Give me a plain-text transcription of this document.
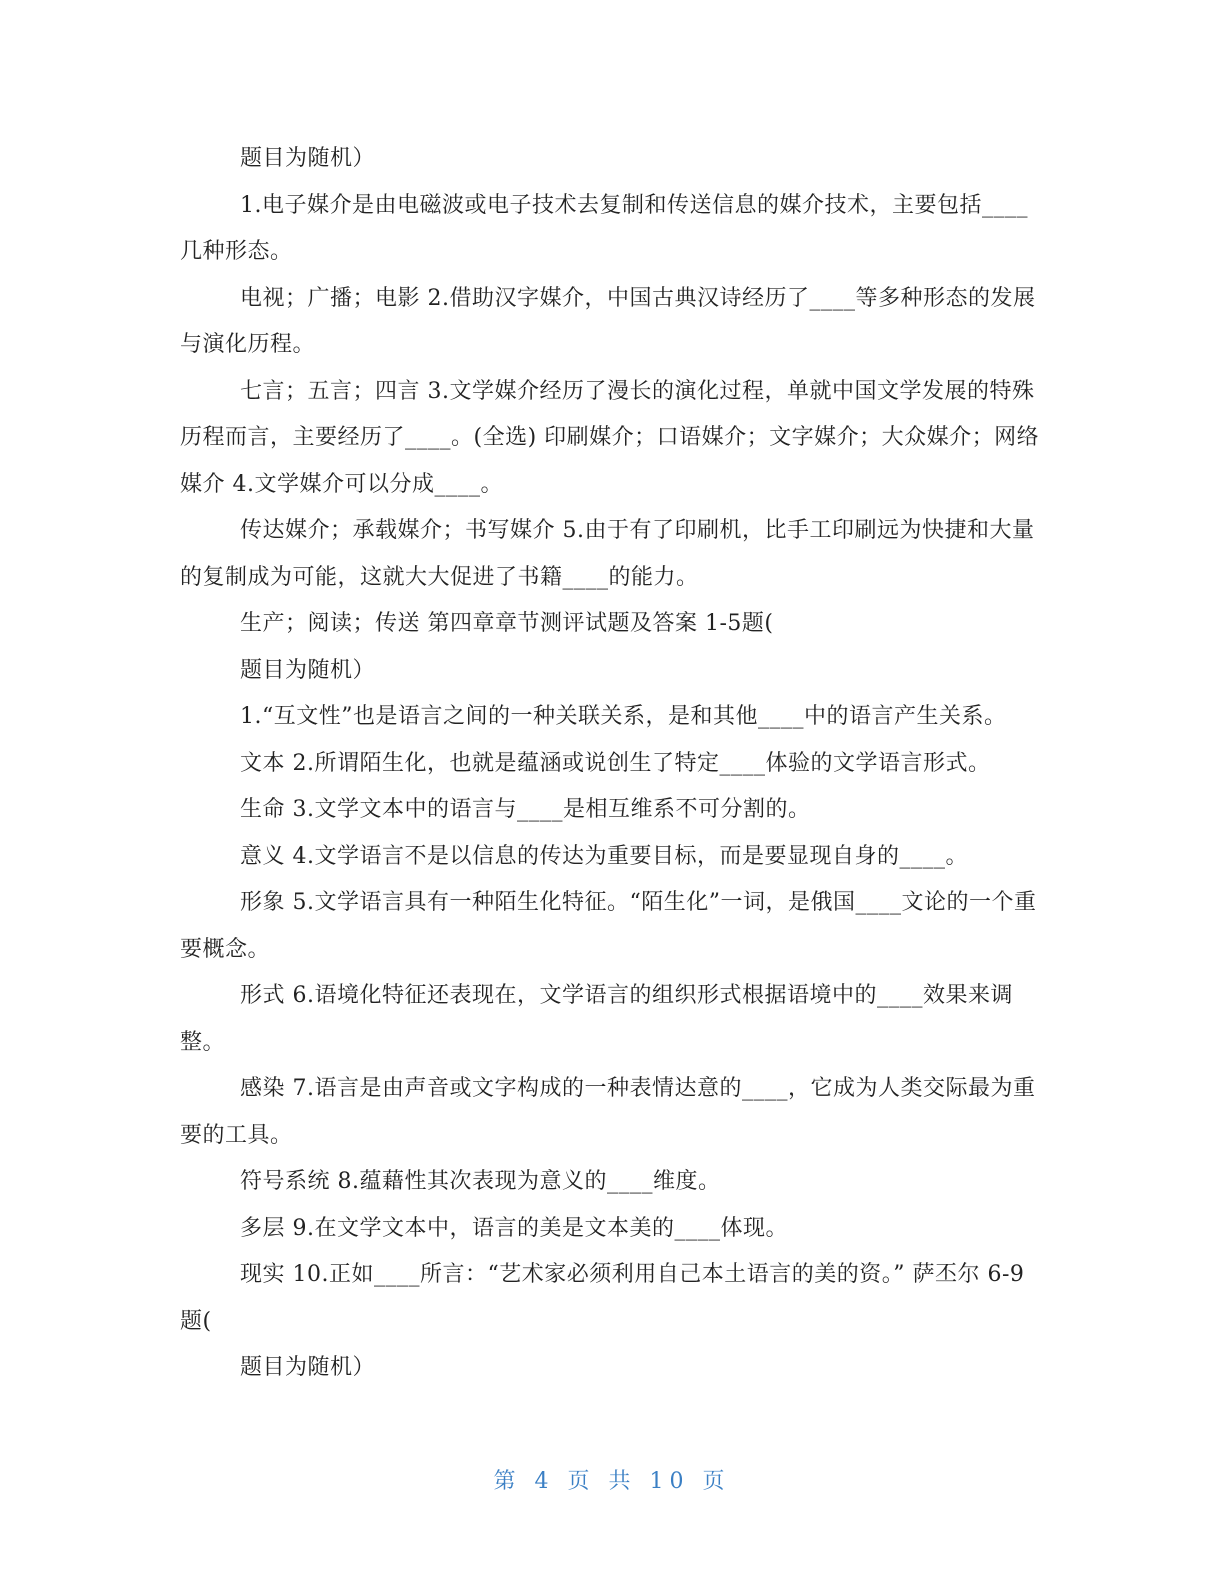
题目为随机）

1.电子媒介是由电磁波或电子技术去复制和传送信息的媒介技术，主要包括____几种形态。

电视；广播；电影 2.借助汉字媒介，中国古典汉诗经历了____等多种形态的发展与演化历程。

七言；五言；四言 3.文学媒介经历了漫长的演化过程，单就中国文学发展的特殊历程而言，主要经历了____。(全选) 印刷媒介；口语媒介；文字媒介；大众媒介；网络媒介 4.文学媒介可以分成____。

传达媒介；承载媒介；书写媒介 5.由于有了印刷机，比手工印刷远为快捷和大量的复制成为可能，这就大大促进了书籍____的能力。

生产；阅读；传送 第四章章节测评试题及答案 1-5题(

题目为随机）

1.“互文性”也是语言之间的一种关联关系，是和其他____中的语言产生关系。

文本 2.所谓陌生化，也就是蕴涵或说创生了特定____体验的文学语言形式。

生命 3.文学文本中的语言与____是相互维系不可分割的。

意义 4.文学语言不是以信息的传达为重要目标，而是要显现自身的____。

形象 5.文学语言具有一种陌生化特征。“陌生化”一词，是俄国____文论的一个重要概念。

形式 6.语境化特征还表现在，文学语言的组织形式根据语境中的____效果来调整。

感染 7.语言是由声音或文字构成的一种表情达意的____，它成为人类交际最为重要的工具。

符号系统 8.蕴藉性其次表现为意义的____维度。

多层 9.在文学文本中，语言的美是文本美的____体现。

现实 10.正如____所言：“艺术家必须利用自己本土语言的美的资。” 萨丕尔 6-9题(

题目为随机）

第 4 页 共 10 页
